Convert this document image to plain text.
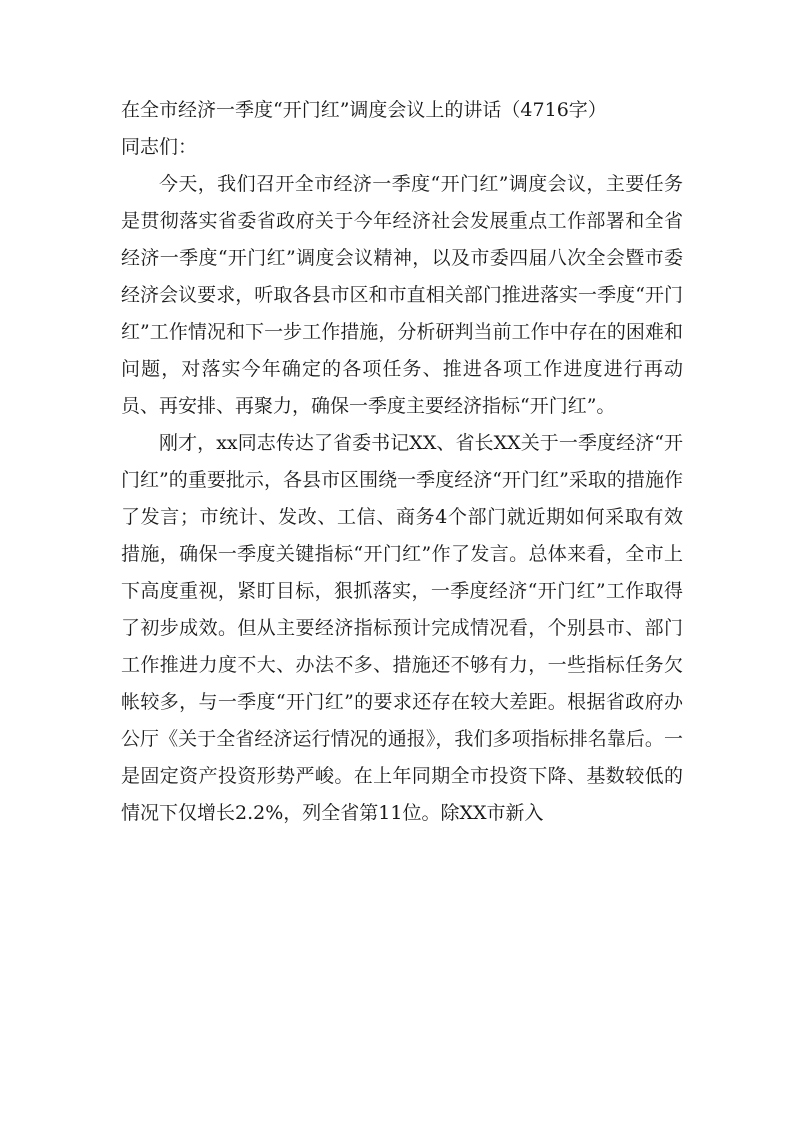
在全市经济一季度“开门红”调度会议上的讲话（4716字）

同志们：

今天，我们召开全市经济一季度“开门红”调度会议，主要任务是贯彻落实省委省政府关于今年经济社会发展重点工作部署和全省经济一季度“开门红”调度会议精神，以及市委四届八次全会暨市委经济会议要求，听取各县市区和市直相关部门推进落实一季度“开门红”工作情况和下一步工作措施，分析研判当前工作中存在的困难和问题，对落实今年确定的各项任务、推进各项工作进度进行再动员、再安排、再聚力，确保一季度主要经济指标“开门红”。

刚才，xx同志传达了省委书记XX、省长XX关于一季度经济“开门红”的重要批示，各县市区围绕一季度经济“开门红”采取的措施作了发言；市统计、发改、工信、商务4个部门就近期如何采取有效措施，确保一季度关键指标“开门红”作了发言。总体来看，全市上下高度重视，紧盯目标，狠抓落实，一季度经济“开门红”工作取得了初步成效。但从主要经济指标预计完成情况看，个别县市、部门工作推进力度不大、办法不多、措施还不够有力，一些指标任务欠帐较多，与一季度“开门红”的要求还存在较大差距。根据省政府办公厅《关于全省经济运行情况的通报》，我们多项指标排名靠后。一是固定资产投资形势严峻。在上年同期全市投资下降、基数较低的情况下仅增长2.2%，列全省第11位。除XX市新入
